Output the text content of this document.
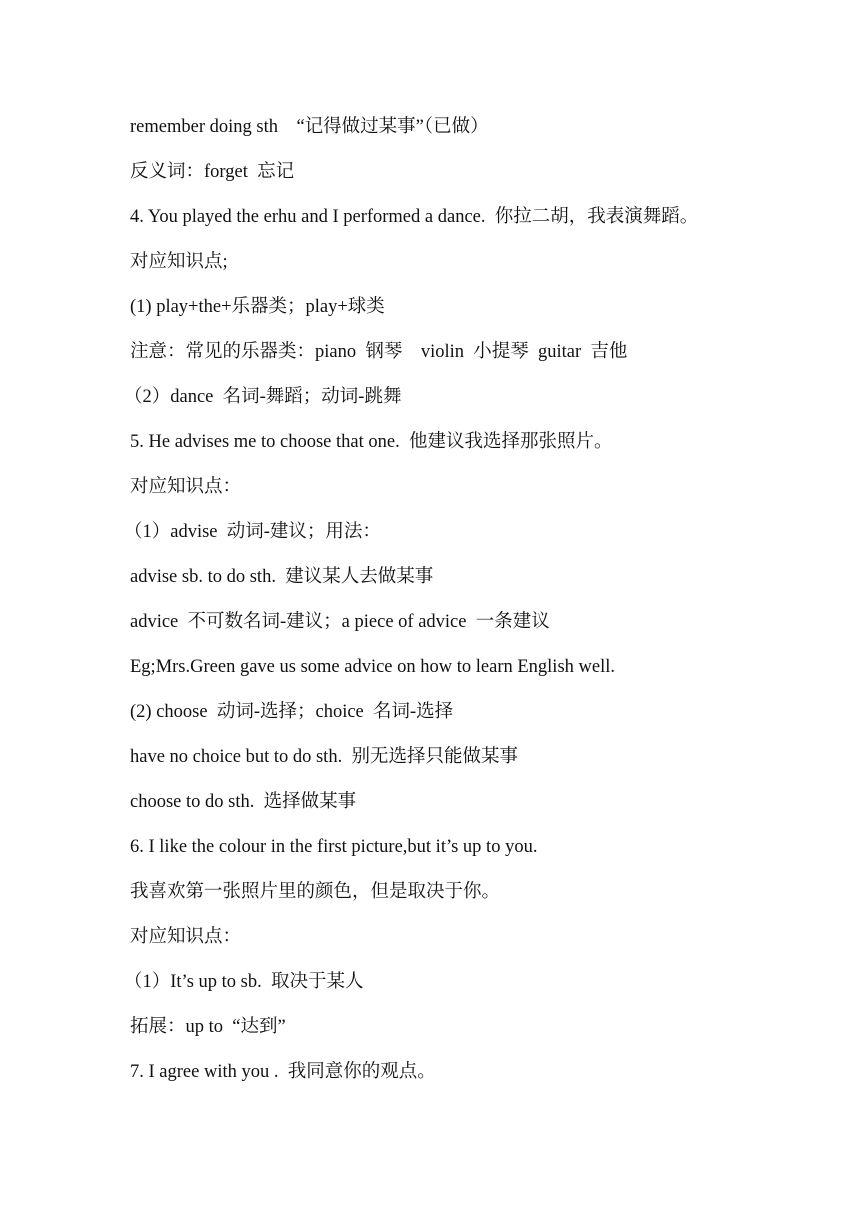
remember doing sth    “记得做过某事”（已做）
反义词：forget  忘记
4. You played the erhu and I performed a dance.  你拉二胡，我表演舞蹈。
对应知识点;
(1) play+the+乐器类；play+球类
注意：常见的乐器类：piano  钢琴    violin  小提琴  guitar  吉他
（2）dance  名词-舞蹈；动词-跳舞
5. He advises me to choose that one.  他建议我选择那张照片。
对应知识点：
（1）advise  动词-建议；用法：
advise sb. to do sth.  建议某人去做某事
advice  不可数名词-建议；a piece of advice  一条建议
Eg;Mrs.Green gave us some advice on how to learn English well.
(2) choose  动词-选择；choice  名词-选择
have no choice but to do sth.  别无选择只能做某事
choose to do sth.  选择做某事
6. I like the colour in the first picture,but it’s up to you.
我喜欢第一张照片里的颜色，但是取决于你。
对应知识点：
（1）It’s up to sb.  取决于某人
拓展：up to  “达到”
7. I agree with you .  我同意你的观点。
